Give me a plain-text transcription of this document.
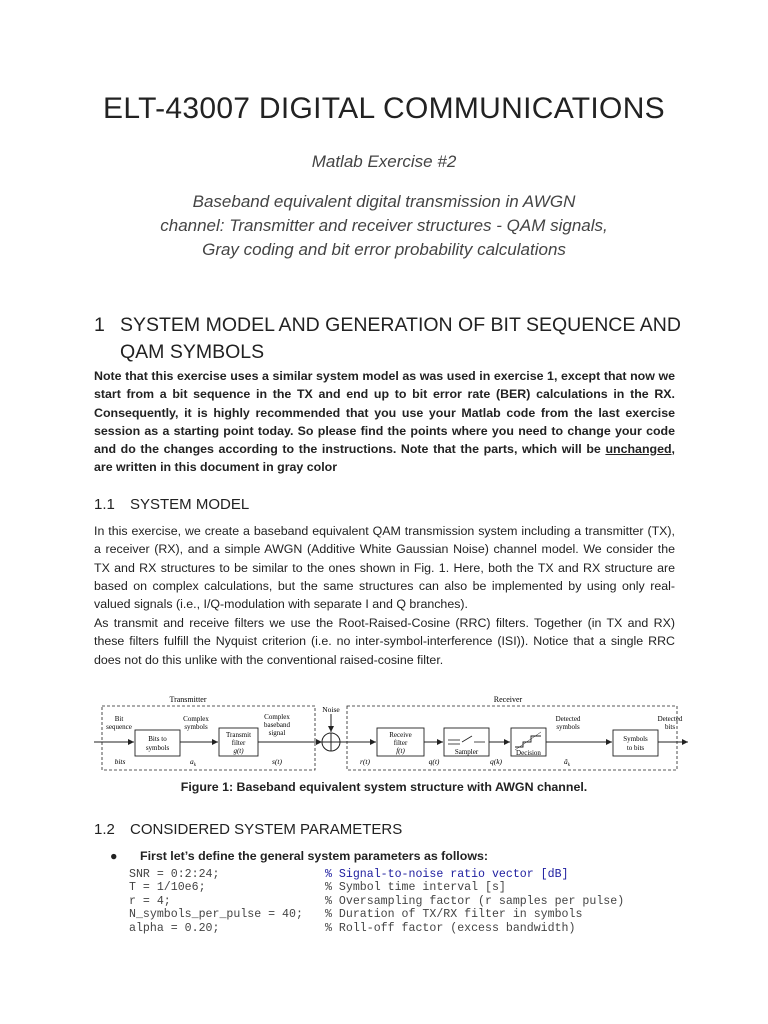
ELT-43007 DIGITAL COMMUNICATIONS
Matlab Exercise #2
Baseband equivalent digital transmission in AWGN channel: Transmitter and receiver structures - QAM signals, Gray coding and bit error probability calculations
1 SYSTEM MODEL AND GENERATION OF BIT SEQUENCE AND QAM SYMBOLS
Note that this exercise uses a similar system model as was used in exercise 1, except that now we start from a bit sequence in the TX and end up to bit error rate (BER) calculations in the RX. Consequently, it is highly recommended that you use your Matlab code from the last exercise session as a starting point today. So please find the points where you need to change your code and do the changes according to the instructions. Note that the parts, which will be unchanged, are written in this document in gray color
1.1 SYSTEM MODEL
In this exercise, we create a baseband equivalent QAM transmission system including a transmitter (TX), a receiver (RX), and a simple AWGN (Additive White Gaussian Noise) channel model. We consider the TX and RX structures to be similar to the ones shown in Fig. 1. Here, both the TX and RX structure are based on complex calculations, but the same structures can also be implemented by using only real-valued signals (i.e., I/Q-modulation with separate I and Q branches).
As transmit and receive filters we use the Root-Raised-Cosine (RRC) filters. Together (in TX and RX) these filters fulfill the Nyquist criterion (i.e. no inter-symbol-interference (ISI)). Notice that a single RRC does not do this unlike with the conventional raised-cosine filter.
Transmitter	Receiver
Noise
Bits to
symbols
Transmit
filter
g(t)
Receive
filter
f(t)	Sampler	Decision
Symbols
to bits
Bit
sequence
Complex
symbols
Complex
baseband
signal
Detected
symbols
Detected
bits
bits	$a_k$	s(t)	r(t)	q(t)	q(k)	$â_k$
Figure 1: Baseband equivalent system structure with AWGN channel.
1.2 CONSIDERED SYSTEM PARAMETERS
● First let’s define the general system parameters as follows:
SNR = 0:2:24;	% Signal-to-noise ratio vector [dB]
T = 1/10e6;	% Symbol time interval [s]
r = 4;	% Oversampling factor (r samples per pulse)
N_symbols_per_pulse = 40; % Duration of TX/RX filter in symbols
alpha = 0.20;	% Roll-off factor (excess bandwidth)
